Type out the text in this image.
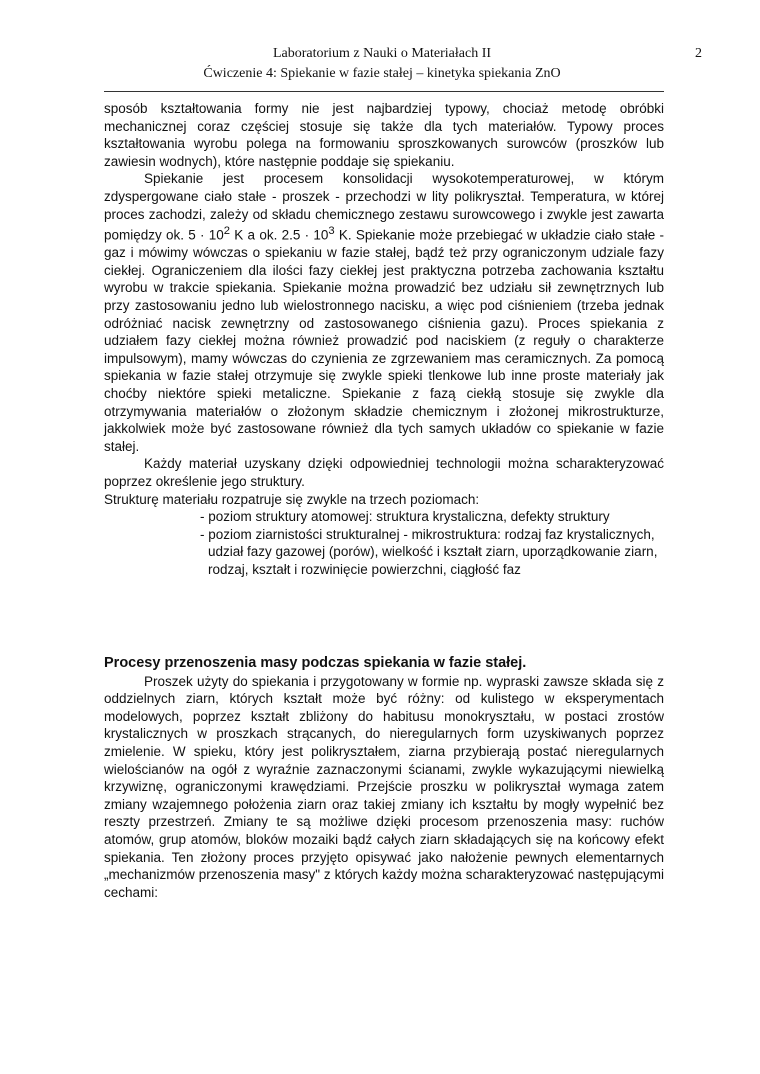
Laboratorium z Nauki o Materiałach II
Ćwiczenie 4: Spiekanie w fazie stałej – kinetyka spiekania ZnO
2

sposób kształtowania formy nie jest najbardziej typowy, chociaż metodę obróbki mechanicznej coraz częściej stosuje się także dla tych materiałów. Typowy proces kształtowania wyrobu polega na formowaniu sproszkowanych surowców (proszków lub zawiesin wodnych), które następnie poddaje się spiekaniu.

Spiekanie jest procesem konsolidacji wysokotemperaturowej, w którym zdyspergowane ciało stałe - proszek - przechodzi w lity polikryształ. Temperatura, w której proces zachodzi, zależy od składu chemicznego zestawu surowcowego i zwykle jest zawarta pomiędzy ok. $5 \cdot 10^2$ K a ok. $2.5 \cdot 10^3$ K. Spiekanie może przebiegać w układzie ciało stałe - gaz i mówimy wówczas o spiekaniu w fazie stałej, bądź też przy ograniczonym udziale fazy ciekłej. Ograniczeniem dla ilości fazy ciekłej jest praktyczna potrzeba zachowania kształtu wyrobu w trakcie spiekania. Spiekanie można prowadzić bez udziału sił zewnętrznych lub przy zastosowaniu jedno lub wielostronnego nacisku, a więc pod ciśnieniem (trzeba jednak odróżniać nacisk zewnętrzny od zastosowanego ciśnienia gazu). Proces spiekania z udziałem fazy ciekłej można również prowadzić pod naciskiem (z reguły o charakterze impulsowym), mamy wówczas do czynienia ze zgrzewaniem mas ceramicznych. Za pomocą spiekania w fazie stałej otrzymuje się zwykle spieki tlenkowe lub inne proste materiały jak choćby niektóre spieki metaliczne. Spiekanie z fazą ciekłą stosuje się zwykle dla otrzymywania materiałów o złożonym składzie chemicznym i złożonej mikrostrukturze, jakkolwiek może być zastosowane również dla tych samych układów co spiekanie w fazie stałej.

Każdy materiał uzyskany dzięki odpowiedniej technologii można scharakteryzować poprzez określenie jego struktury.

Strukturę materiału rozpatruje się zwykle na trzech poziomach:

- poziom struktury atomowej: struktura krystaliczna, defekty struktury
- poziom ziarnistości strukturalnej - mikrostruktura: rodzaj faz krystalicznych,
udział fazy gazowej (porów), wielkość i kształt ziarn, uporządkowanie ziarn,
rodzaj, kształt i rozwinięcie powierzchni, ciągłość faz
Procesy przenoszenia masy podczas spiekania w fazie stałej.

Proszek użyty do spiekania i przygotowany w formie np. wypraski zawsze składa się z oddzielnych ziarn, których kształt może być różny: od kulistego w eksperymentach modelowych, poprzez kształt zbliżony do habitusu monokryształu, w postaci zrostów krystalicznych w proszkach strącanych, do nieregularnych form uzyskiwanych poprzez zmielenie. W spieku, który jest polikryształem, ziarna przybierają postać nieregularnych wielościanów na ogół z wyraźnie zaznaczonymi ścianami, zwykle wykazującymi niewielką krzywiznę, ograniczonymi krawędziami. Przejście proszku w polikryształ wymaga zatem zmiany wzajemnego położenia ziarn oraz takiej zmiany ich kształtu by mogły wypełnić bez reszty przestrzeń. Zmiany te są możliwe dzięki procesom przenoszenia masy: ruchów atomów, grup atomów, bloków mozaiki bądź całych ziarn składających się na końcowy efekt spiekania. Ten złożony proces przyjęto opisywać jako nałożenie pewnych elementarnych „mechanizmów przenoszenia masy" z których każdy można scharakteryzować następującymi cechami:
